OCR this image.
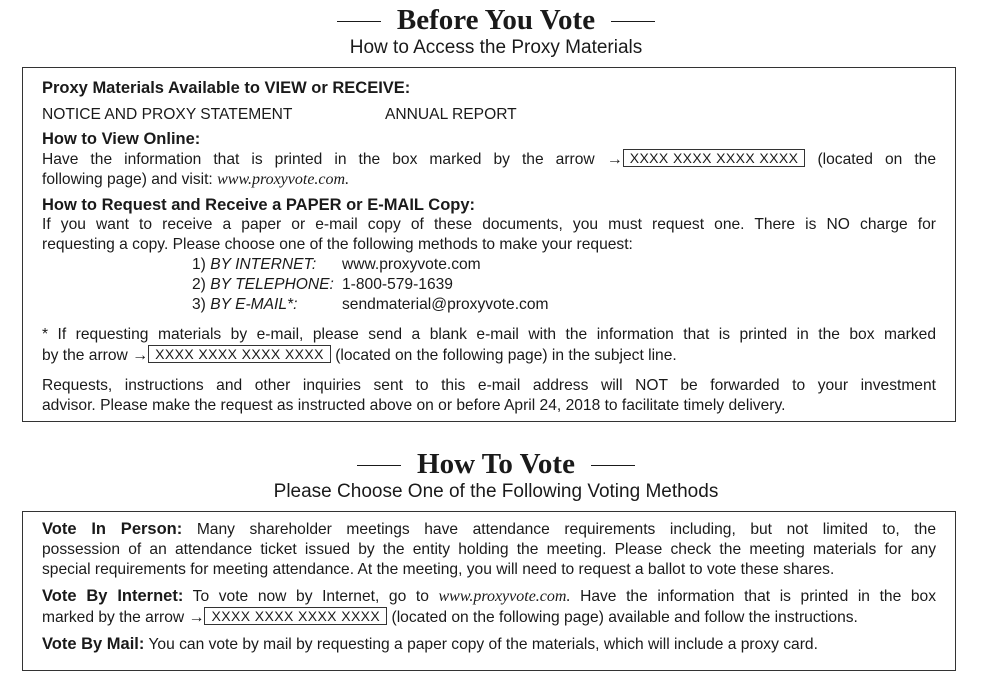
Before You Vote
How to Access the Proxy Materials
Proxy Materials Available to VIEW or RECEIVE:
NOTICE AND PROXY STATEMENT	ANNUAL REPORT
How to View Online:
Have the information that is printed in the box marked by the arrow → XXXX XXXX XXXX XXXX (located on the
following page) and visit: www.proxyvote.com.
How to Request and Receive a PAPER or E-MAIL Copy:
If you want to receive a paper or e-mail copy of these documents, you must request one. There is NO charge for
requesting a copy. Please choose one of the following methods to make your request:
1) BY INTERNET:	www.proxyvote.com
2) BY TELEPHONE: 1-800-579-1639
3) BY E-MAIL*:	sendmaterial@proxyvote.com
* If requesting materials by e-mail, please send a blank e-mail with the information that is printed in the box marked
by the arrow → XXXX XXXX XXXX XXXX (located on the following page) in the subject line.
Requests, instructions and other inquiries sent to this e-mail address will NOT be forwarded to your investment
advisor. Please make the request as instructed above on or before April 24, 2018 to facilitate timely delivery.
How To Vote
Please Choose One of the Following Voting Methods
Vote In Person: Many shareholder meetings have attendance requirements including, but not limited to, the
possession of an attendance ticket issued by the entity holding the meeting. Please check the meeting materials for any
special requirements for meeting attendance. At the meeting, you will need to request a ballot to vote these shares.
Vote By Internet: To vote now by Internet, go to www.proxyvote.com. Have the information that is printed in the box
marked by the arrow → XXXX XXXX XXXX XXXX (located on the following page) available and follow the instructions.
Vote By Mail: You can vote by mail by requesting a paper copy of the materials, which will include a proxy card.
